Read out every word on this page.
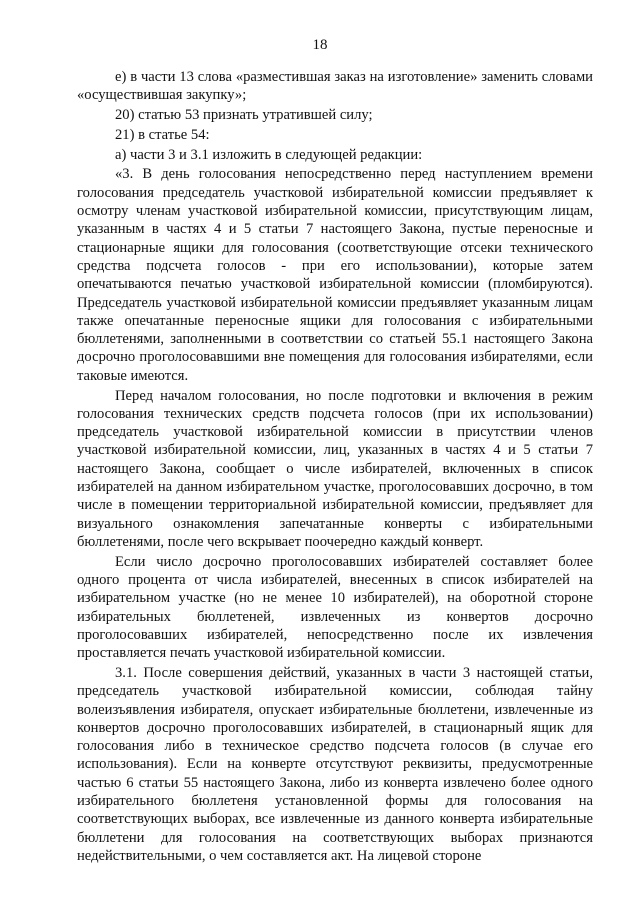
18

е) в части 13 слова «разместившая заказ на изготовление» заменить словами «осуществившая закупку»;

20) статью 53 признать утратившей силу;

21) в статье 54:

а) части 3 и 3.1 изложить в следующей редакции:

«3. В день голосования непосредственно перед наступлением времени голосования председатель участковой избирательной комиссии предъявляет к осмотру членам участковой избирательной комиссии, присутствующим лицам, указанным в частях 4 и 5 статьи 7 настоящего Закона, пустые переносные и стационарные ящики для голосования (соответствующие отсеки технического средства подсчета голосов - при его использовании), которые затем опечатываются печатью участковой избирательной комиссии (пломбируются). Председатель участковой избирательной комиссии предъявляет указанным лицам также опечатанные переносные ящики для голосования с избирательными бюллетенями, заполненными в соответствии со статьей 55.1 настоящего Закона досрочно проголосовавшими вне помещения для голосования избирателями, если таковые имеются.

Перед началом голосования, но после подготовки и включения в режим голосования технических средств подсчета голосов (при их использовании) председатель участковой избирательной комиссии в присутствии членов участковой избирательной комиссии, лиц, указанных в частях 4 и 5 статьи 7 настоящего Закона, сообщает о числе избирателей, включенных в список избирателей на данном избирательном участке, проголосовавших досрочно, в том числе в помещении территориальной избирательной комиссии, предъявляет для визуального ознакомления запечатанные конверты с избирательными бюллетенями, после чего вскрывает поочередно каждый конверт.

Если число досрочно проголосовавших избирателей составляет более одного процента от числа избирателей, внесенных в список избирателей на избирательном участке (но не менее 10 избирателей), на оборотной стороне избирательных бюллетеней, извлеченных из конвертов досрочно проголосовавших избирателей, непосредственно после их извлечения проставляется печать участковой избирательной комиссии.

3.1. После совершения действий, указанных в части 3 настоящей статьи, председатель участковой избирательной комиссии, соблюдая тайну волеизъявления избирателя, опускает избирательные бюллетени, извлеченные из конвертов досрочно проголосовавших избирателей, в стационарный ящик для голосования либо в техническое средство подсчета голосов (в случае его использования). Если на конверте отсутствуют реквизиты, предусмотренные частью 6 статьи 55 настоящего Закона, либо из конверта извлечено более одного избирательного бюллетеня установленной формы для голосования на соответствующих выборах, все извлеченные из данного конверта избирательные бюллетени для голосования на соответствующих выборах признаются недействительными, о чем составляется акт. На лицевой стороне
